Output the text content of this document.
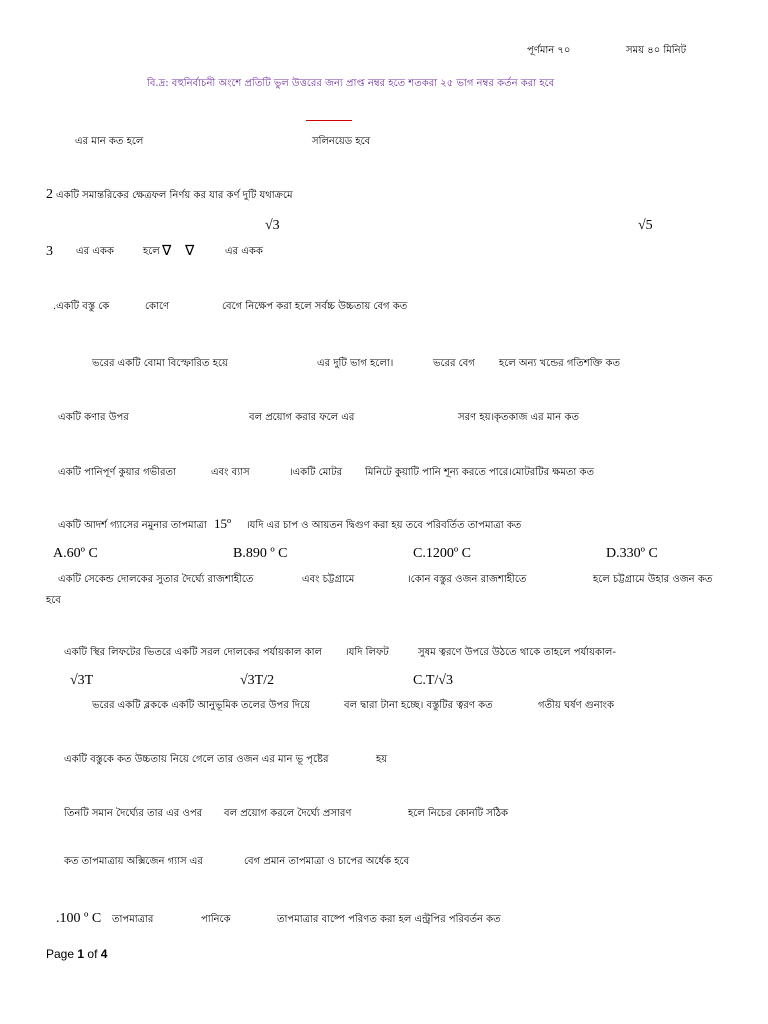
পূর্ণমান ৭০	সময় ৪০ মিনিট
বি.দ্র: বহুনির্বাচনী অংশে প্রতিটি ভুল উত্তরের জন্য প্রাপ্ত নম্বর হতে শতকরা ২৫ ভাগ নম্বর কর্তন করা হবে
এর মান কত হলে	সলিনয়েড হবে
2 একটি সমান্তরিকের ক্ষেত্রফল নির্ণয় কর যার কর্ণ দুটি যথাক্রমে
√3	√5
3 এর একক	হলে ∇ ∇	এর একক
.একটি বস্তু কে	কোণে	বেগে নিক্ষেপ করা হলে সর্বচ্চ উচ্চতায় বেগ কত
ভরের একটি বোমা বিস্ফোরিত হয়ে	এর দুটি ভাগ হলো।	ভরের বেগ হলে অন্য খন্ডের গতিশক্তি কত
একটি কণার উপর	বল প্রয়োগ করার ফলে এর	সরণ হয়।কৃতকাজ এর মান কত
একটি পানিপূর্ণ কুয়ার গভীরতা	এবং ব্যাস	।একটি মোটর মিনিটে কুয়াটি পানি শূন্য করতে পারে।মোটরটির ক্ষমতা কত
একটি আদর্শ গ্যাসের নমুনার তাপমাত্রা 15º ।যদি এর চাপ ও আয়তন দ্বিগুণ করা হয় তবে পরিবর্তিত তাপমাত্রা কত
A.60º C	B.890 º C	C.1200º C	D.330º C
একটি সেকেন্ড দোলকের সুতার দৈর্ঘ্যে রাজশাহীতে	এবং চট্টগ্রামে	।কোন বস্তুর ওজন রাজশাহীতে	হলে চট্টগ্রামে উহার ওজন কত
হবে
একটি স্থির লিফটের ভিতরে একটি সরল দোলকের পর্যায়কাল কাল ।যদি লিফট	সুষম ত্বরণে উপরে উঠতে থাকে তাহলে পর্যায়কাল-
√3T	√3T/2	C.T/√3
ভরের একটি ব্লককে একটি আনুভূমিক তলের উপর দিয়ে	বল দ্বারা টানা হচ্ছে। বস্তুটির ত্বরণ কত	গতীয় ঘর্ষণ গুনাংক
একটি বস্তুকে কত উচ্চতায় নিয়ে গেলে তার ওজন এর মান ভূ পৃষ্টের	হয়
তিনটি সমান দৈর্ঘ্যের তার এর ওপর বল প্রয়োগ করলে দৈর্ঘ্যে প্রসারণ	হলে নিচের কোনটি সঠিক
কত তাপমাত্রায় অক্সিজেন গ্যাস এর	বেগ প্রমান তাপমাত্রা ও চাপের অর্ধেক হবে
.100 º C তাপমাত্রার	পানিকে	তাপমাত্রার বাষ্পে পরিণত করা হল এন্ট্রপির পরিবর্তন কত
Page 1 of 4
